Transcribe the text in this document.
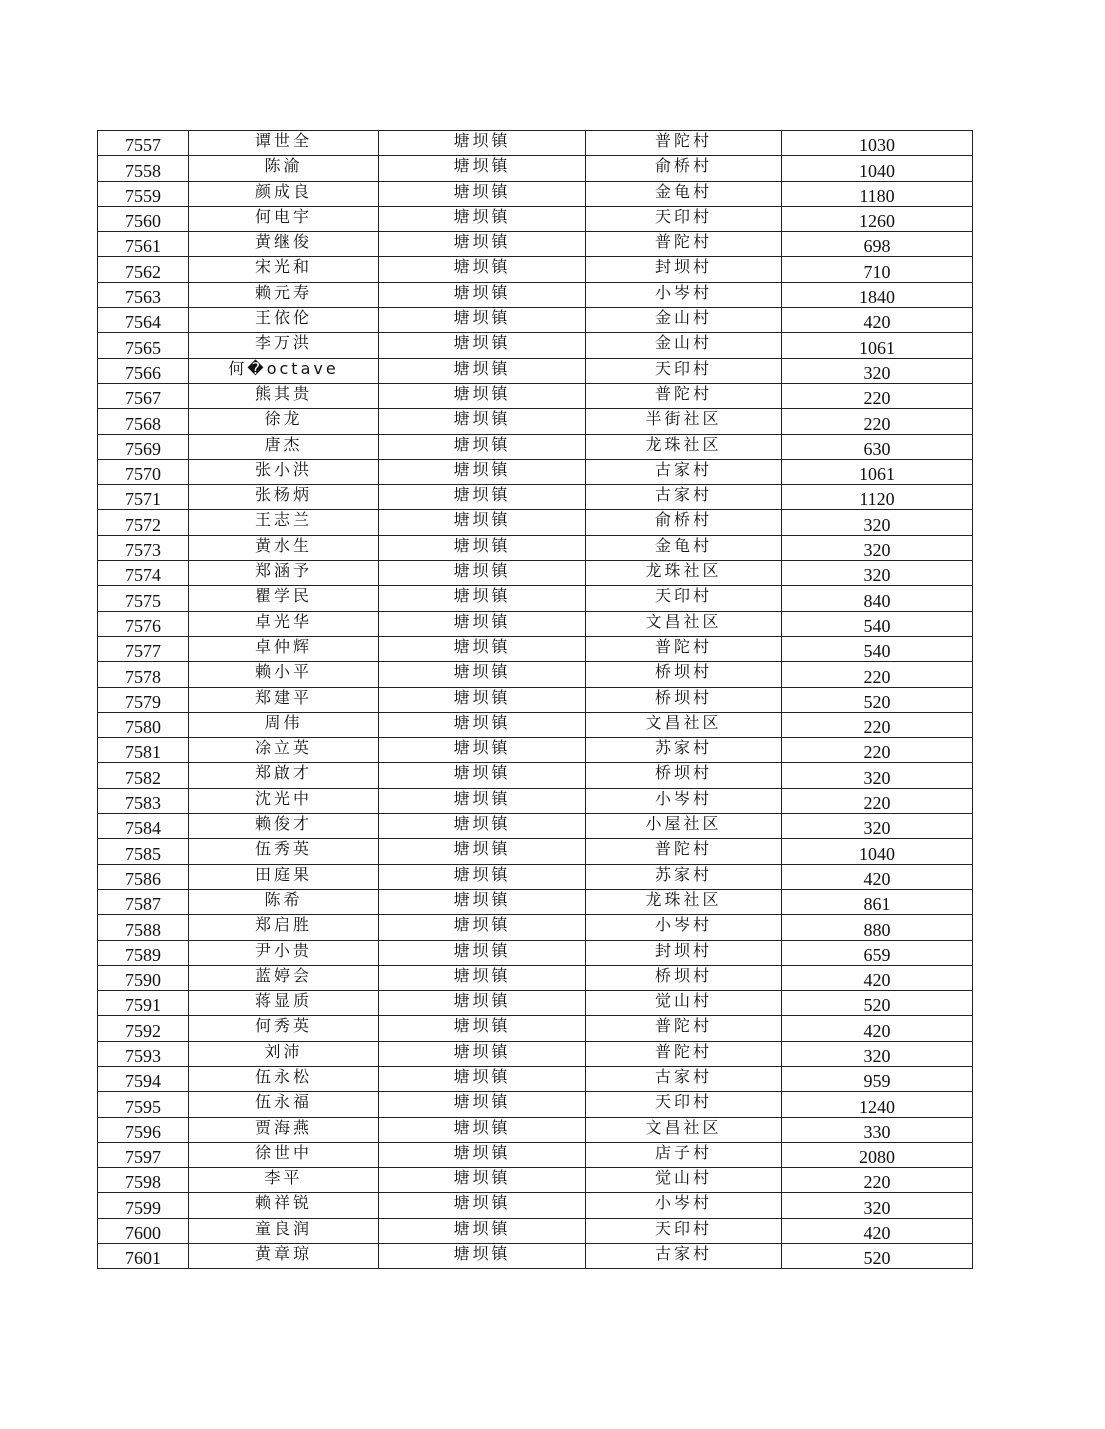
7557	谭世全	塘坝镇	普陀村	1030
7558	陈渝	塘坝镇	俞桥村	1040
7559	颜成良	塘坝镇	金龟村	1180
7560	何电宇	塘坝镇	天印村	1260
7561	黄继俊	塘坝镇	普陀村	698
7562	宋光和	塘坝镇	封坝村	710
7563	赖元寿	塘坝镇	小岑村	1840
7564	王依伦	塘坝镇	金山村	420
7565	李万洪	塘坝镇	金山村	1061
7566	何�octave	塘坝镇	天印村	320
7567	熊其贵	塘坝镇	普陀村	220
7568	徐龙	塘坝镇	半街社区	220
7569	唐杰	塘坝镇	龙珠社区	630
7570	张小洪	塘坝镇	古家村	1061
7571	张杨炳	塘坝镇	古家村	1120
7572	王志兰	塘坝镇	俞桥村	320
7573	黄水生	塘坝镇	金龟村	320
7574	郑涵予	塘坝镇	龙珠社区	320
7575	瞿学民	塘坝镇	天印村	840
7576	卓光华	塘坝镇	文昌社区	540
7577	卓仲辉	塘坝镇	普陀村	540
7578	赖小平	塘坝镇	桥坝村	220
7579	郑建平	塘坝镇	桥坝村	520
7580	周伟	塘坝镇	文昌社区	220
7581	凃立英	塘坝镇	苏家村	220
7582	郑啟才	塘坝镇	桥坝村	320
7583	沈光中	塘坝镇	小岑村	220
7584	赖俊才	塘坝镇	小屋社区	320
7585	伍秀英	塘坝镇	普陀村	1040
7586	田庭果	塘坝镇	苏家村	420
7587	陈希	塘坝镇	龙珠社区	861
7588	郑启胜	塘坝镇	小岑村	880
7589	尹小贵	塘坝镇	封坝村	659
7590	蓝婷会	塘坝镇	桥坝村	420
7591	蒋显质	塘坝镇	觉山村	520
7592	何秀英	塘坝镇	普陀村	420
7593	刘沛	塘坝镇	普陀村	320
7594	伍永松	塘坝镇	古家村	959
7595	伍永福	塘坝镇	天印村	1240
7596	贾海燕	塘坝镇	文昌社区	330
7597	徐世中	塘坝镇	店子村	2080
7598	李平	塘坝镇	觉山村	220
7599	赖祥锐	塘坝镇	小岑村	320
7600	童良润	塘坝镇	天印村	420
7601	黄章琼	塘坝镇	古家村	520
